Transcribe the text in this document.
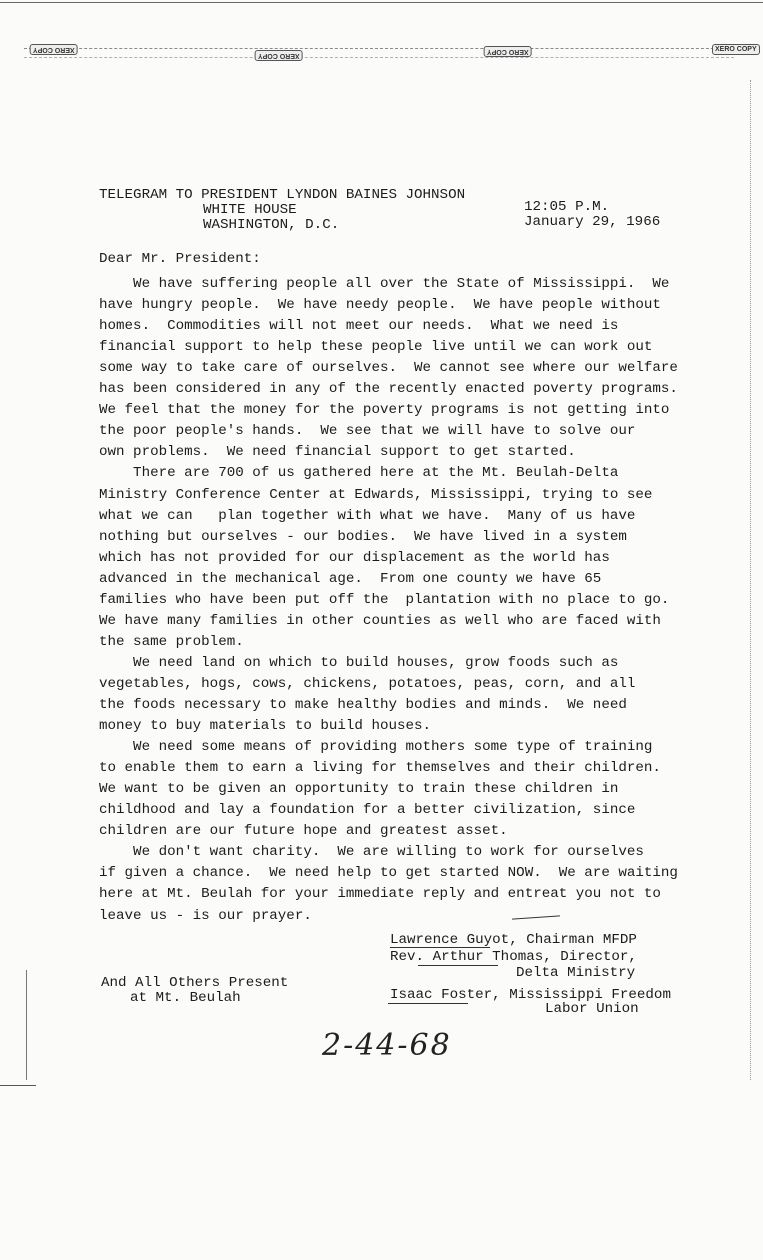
XERO COPY
XERO COPY
XERO COPY	XERO COPY
TELEGRAM TO PRESIDENT LYNDON BAINES JOHNSON
WHITE HOUSE
WASHINGTON, D.C.
12:05 P.M.
January 29, 1966
Dear Mr. President:
We have suffering people all over the State of Mississippi.  We
have hungry people.  We have needy people.  We have people without
homes.  Commodities will not meet our needs.  What we need is
financial support to help these people live until we can work out
some way to take care of ourselves.  We cannot see where our welfare
has been considered in any of the recently enacted poverty programs.
We feel that the money for the poverty programs is not getting into
the poor people's hands.  We see that we will have to solve our
own problems.  We need financial support to get started.
There are 700 of us gathered here at the Mt. Beulah-Delta
Ministry Conference Center at Edwards, Mississippi, trying to see
what we can   plan together with what we have.  Many of us have
nothing but ourselves - our bodies.  We have lived in a system
which has not provided for our displacement as the world has
advanced in the mechanical age.  From one county we have 65
families who have been put off the  plantation with no place to go.
We have many families in other counties as well who are faced with
the same problem.
We need land on which to build houses, grow foods such as
vegetables, hogs, cows, chickens, potatoes, peas, corn, and all
the foods necessary to make healthy bodies and minds.  We need
money to buy materials to build houses.
We need some means of providing mothers some type of training
to enable them to earn a living for themselves and their children.
We want to be given an opportunity to train these children in
childhood and lay a foundation for a better civilization, since
children are our future hope and greatest asset.
We don't want charity.  We are willing to work for ourselves
if given a chance.  We need help to get started NOW.  We are waiting
here at Mt. Beulah for your immediate reply and entreat you not to
leave us - is our prayer.
Lawrence Guyot, Chairman MFDP
Rev. Arthur Thomas, Director,
Delta Ministry
Isaac Foster, Mississippi Freedom
Labor Union
And All Others Present
at Mt. Beulah
2-44-68
